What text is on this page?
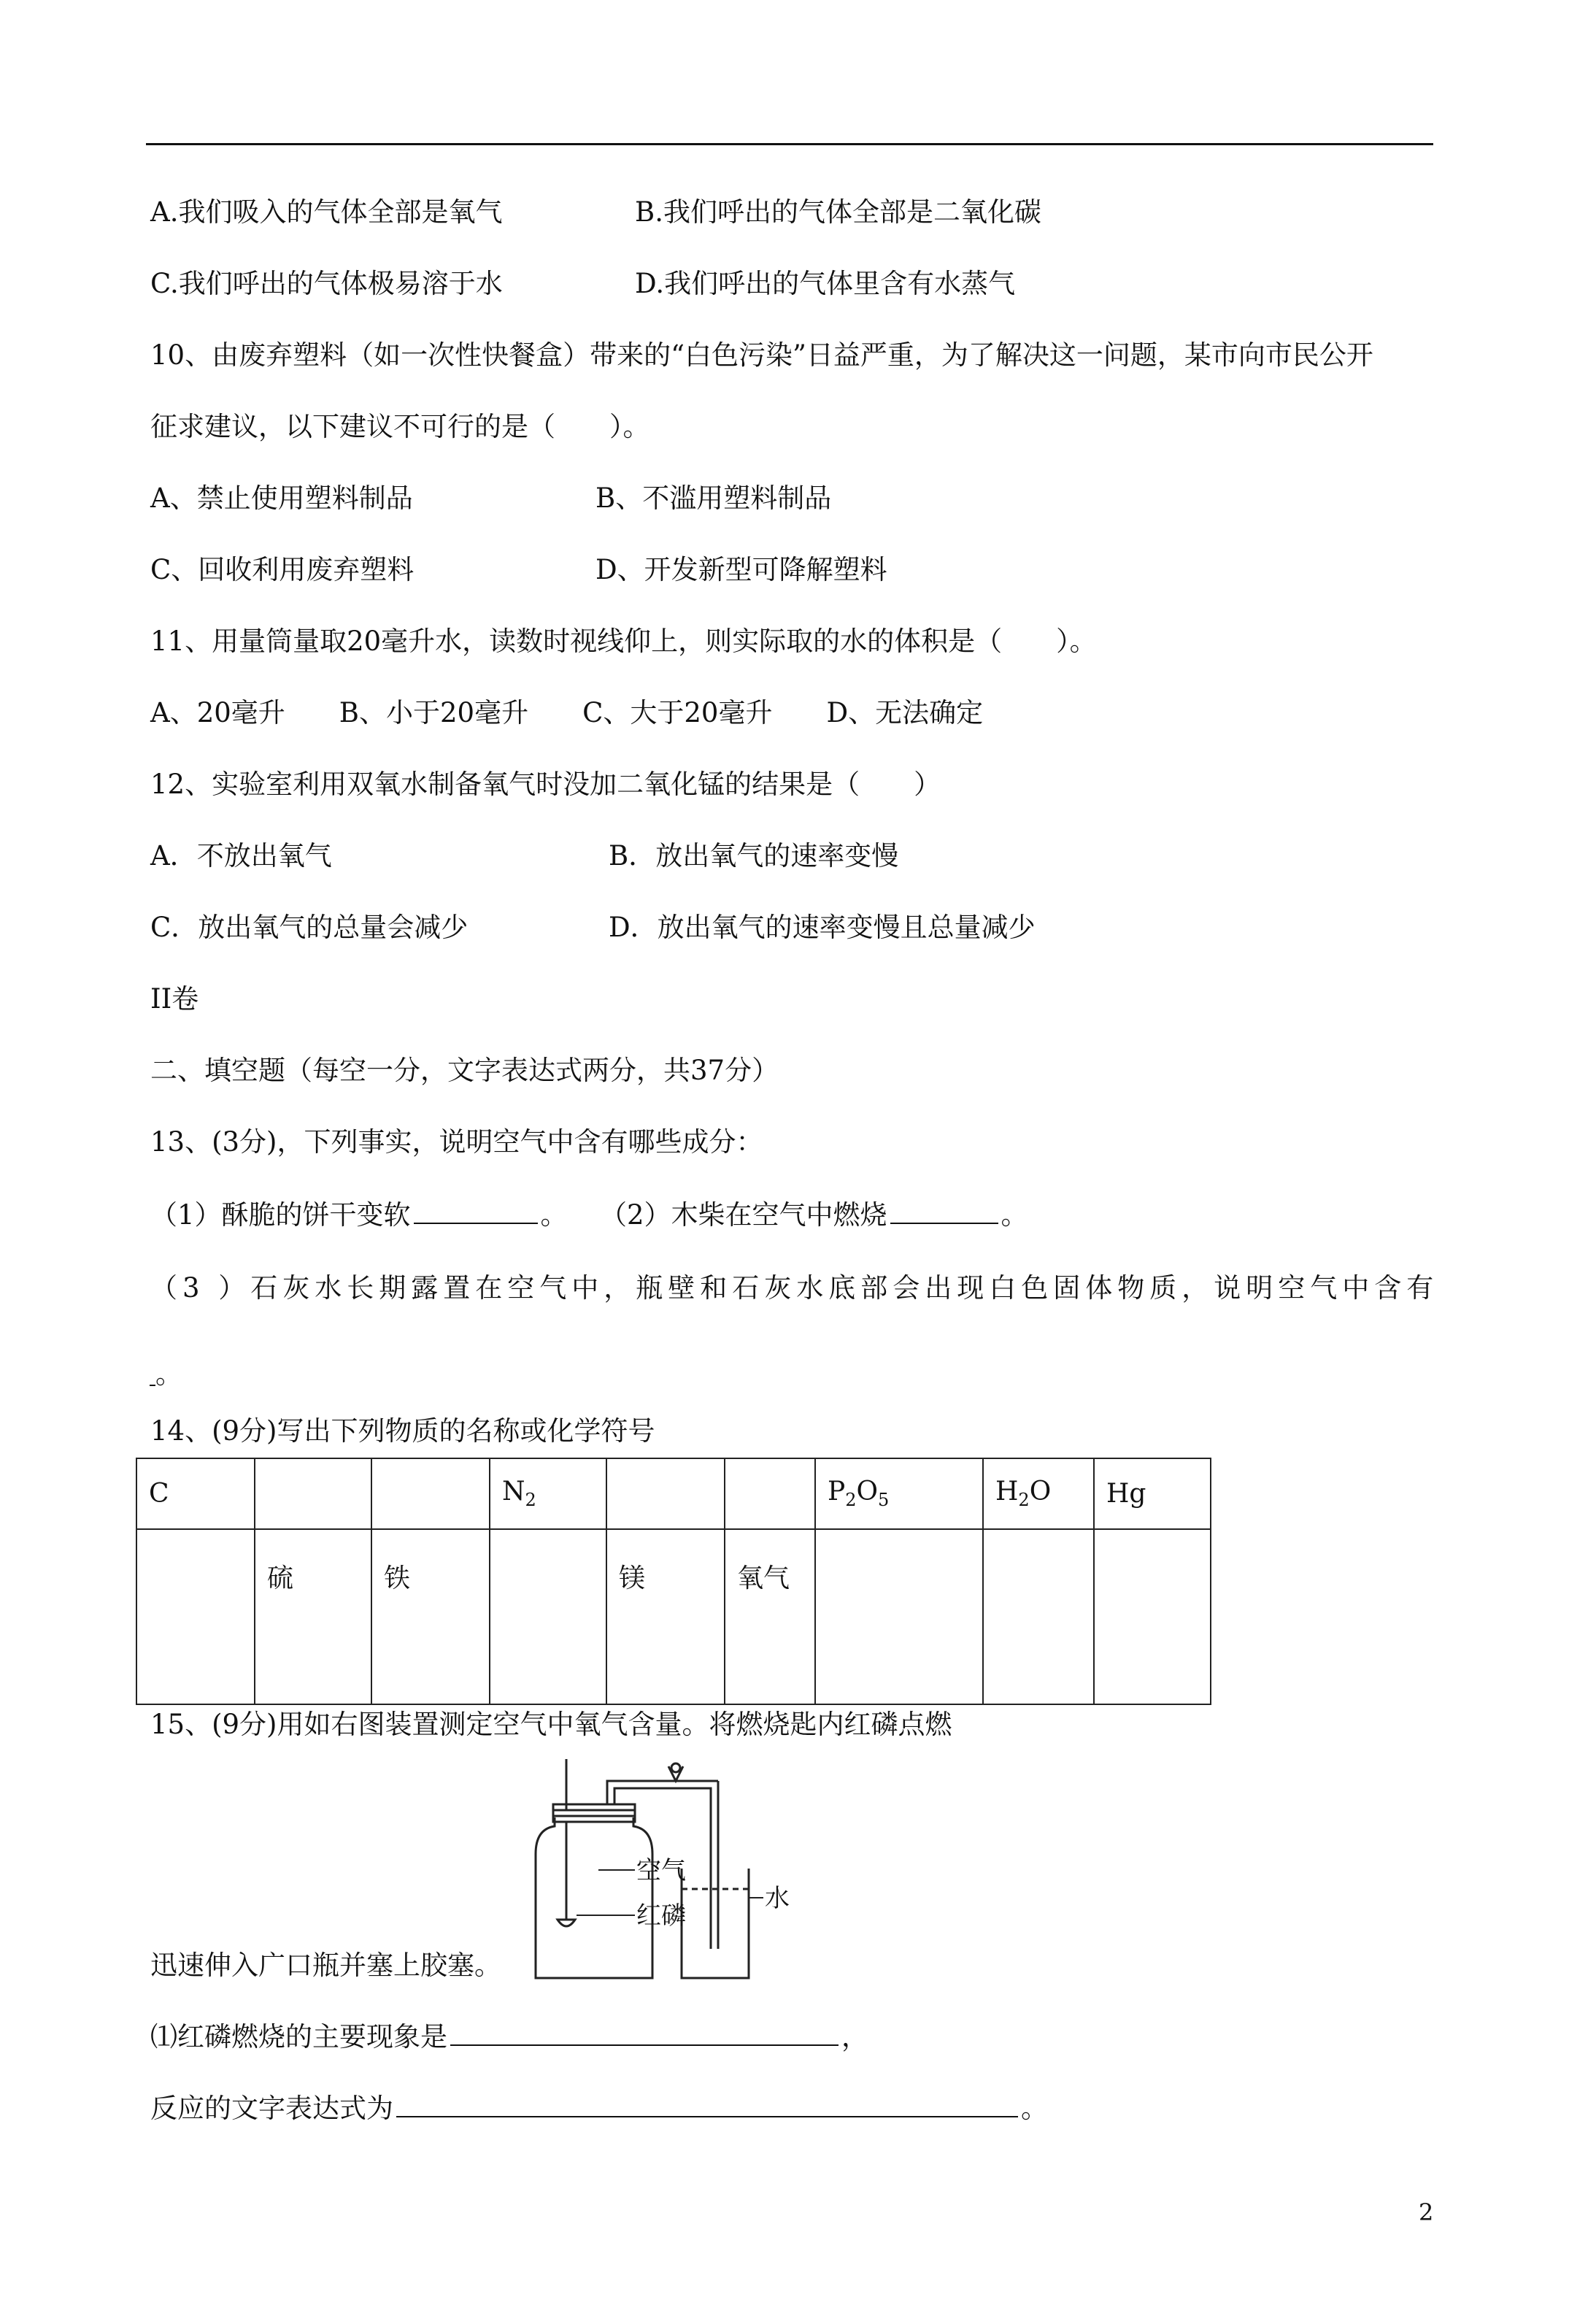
A.我们吸入的气体全部是氧气	B.我们呼出的气体全部是二氧化碳
C.我们呼出的气体极易溶于水	D.我们呼出的气体里含有水蒸气
10、由废弃塑料（如一次性快餐盒）带来的“白色污染”日益严重，为了解决这一问题，某市向市民公开
征求建议，以下建议不可行的是（　　）。
A、禁止使用塑料制品	B、不滥用塑料制品
C、回收利用废弃塑料	D、开发新型可降解塑料
11、用量筒量取20毫升水，读数时视线仰上，则实际取的水的体积是（　　）。
A、20毫升　　B、小于20毫升　　C、大于20毫升　　D、无法确定
12、实验室利用双氧水制备氧气时没加二氧化锰的结果是（　　）
A．不放出氧气	B．放出氧气的速率变慢
C．放出氧气的总量会减少	D．放出氧气的速率变慢且总量减少
II卷
二、填空题（每空一分，文字表达式两分，共37分）
13、(3分)，下列事实，说明空气中含有哪些成分：
（1）酥脆的饼干变软	。 （2）木柴在空气中燃烧	。
（3 ）石灰水长期露置在空气中，瓶壁和石灰水底部会出现白色固体物质，说明空气中含有
。
14、(9分)写出下列物质的名称或化学符号
C			$N_2$			$P_2O_5$	$H_2O$	Hg
	硫	铁		镁	氧气			
15、(9分)用如右图装置测定空气中氧气含量。将燃烧匙内红磷点燃
空气
红磷
水
迅速伸入广口瓶并塞上胶塞。
⑴红磷燃烧的主要现象是	，
反应的文字表达式为	。
2
